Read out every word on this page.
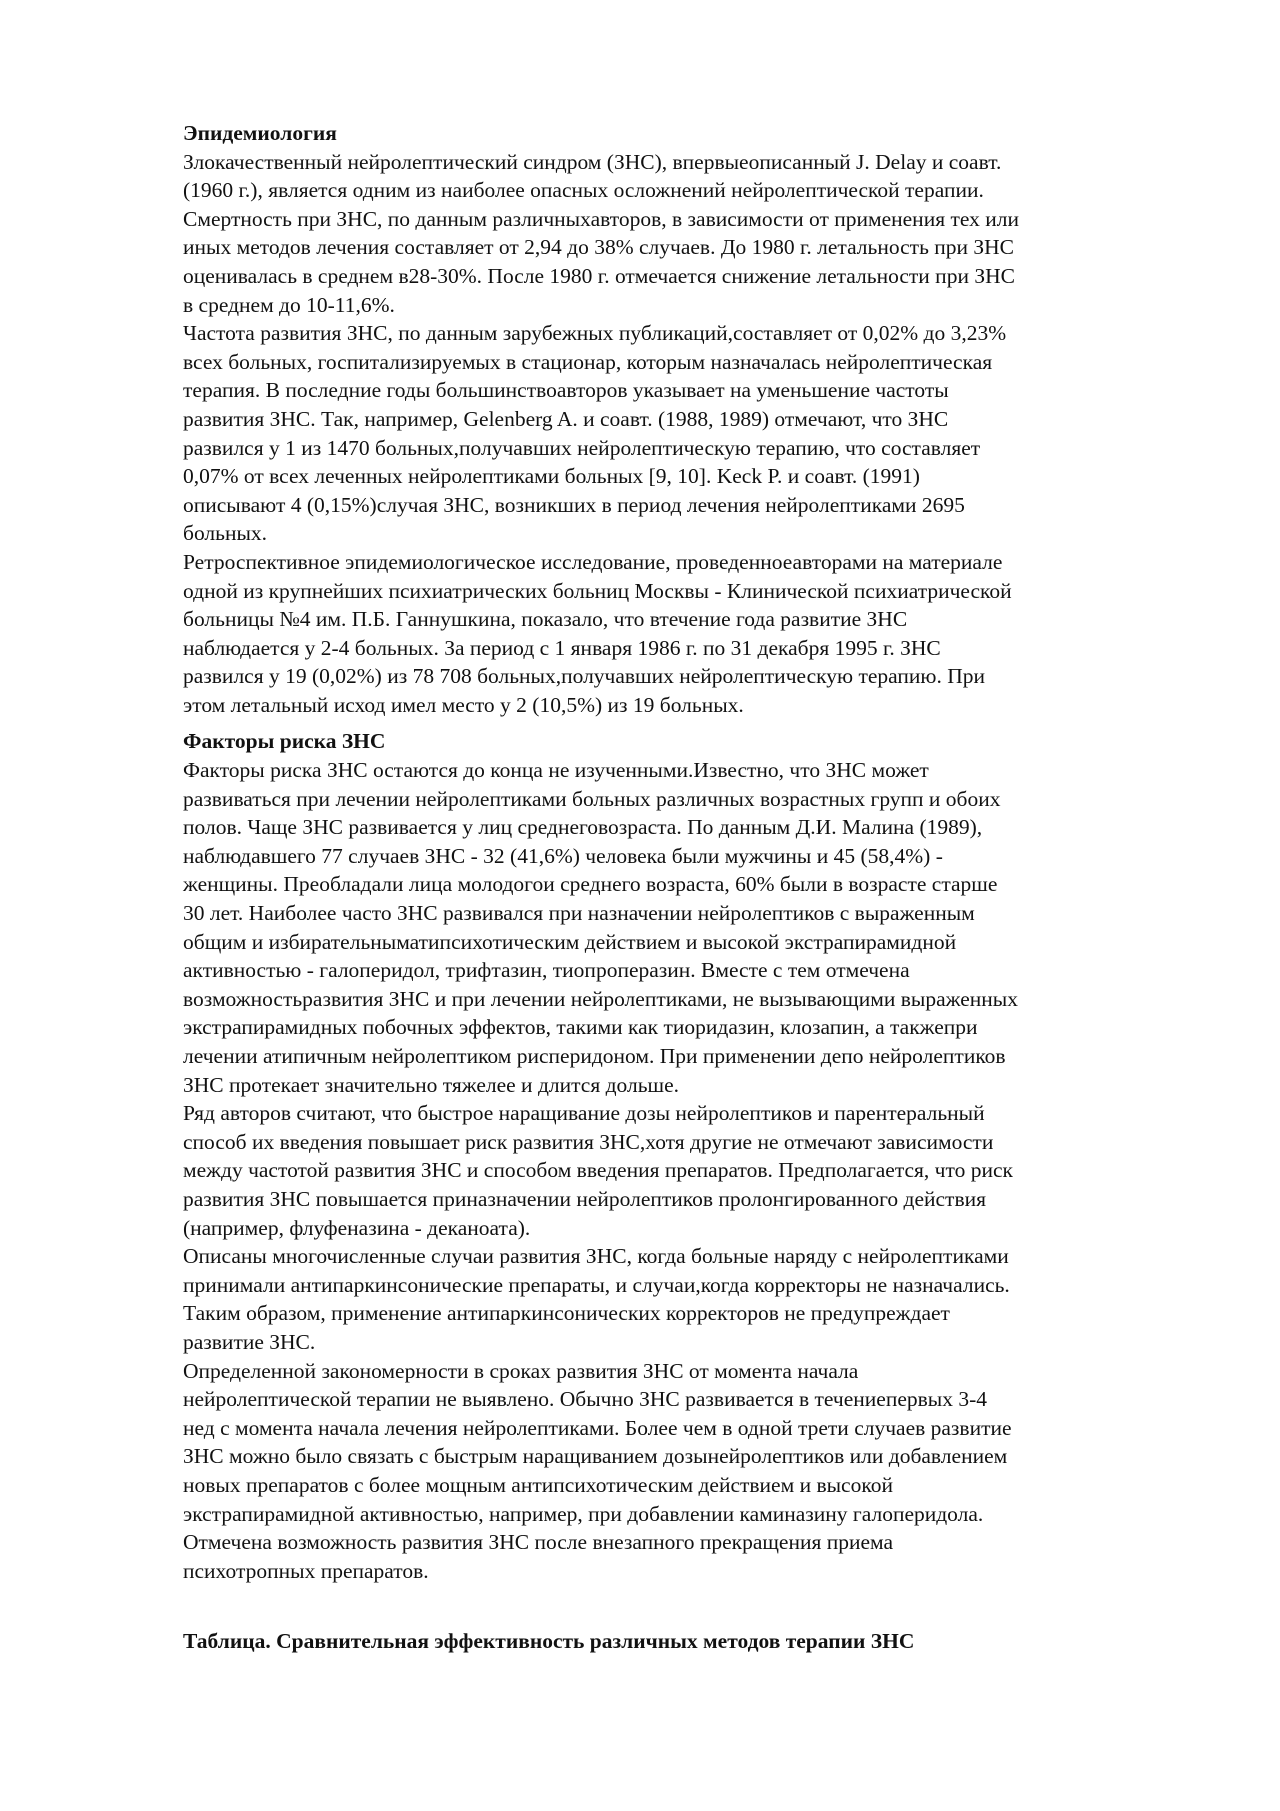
Эпидемиология

Злокачественный нейролептический синдром (ЗНС), впервыеописанный J. Delay и соавт.
(1960 г.), является одним из наиболее опасных осложнений нейролептической терапии.
Смертность при ЗНС, по данным различныхавторов, в зависимости от применения тех или
иных методов лечения составляет от 2,94 до 38% случаев. До 1980 г. летальность при ЗНС
оценивалась в среднем в28-30%. После 1980 г. отмечается снижение летальности при ЗНС
в среднем до 10-11,6%.

Частота развития ЗНС, по данным зарубежных публикаций,составляет от 0,02% до 3,23%
всех больных, госпитализируемых в стационар, которым назначалась нейролептическая
терапия. В последние годы большинствоавторов указывает на уменьшение частоты
развития ЗНС. Так, например, Gelenberg A. и соавт. (1988, 1989) отмечают, что ЗНС
развился у 1 из 1470 больных,получавших нейролептическую терапию, что составляет
0,07% от всех леченных нейролептиками больных [9, 10]. Keck P. и соавт. (1991)
описывают 4 (0,15%)случая ЗНС, возникших в период лечения нейролептиками 2695
больных.

Ретроспективное эпидемиологическое исследование, проведенноеавторами на материале
одной из крупнейших психиатрических больниц Москвы - Клинической психиатрической
больницы №4 им. П.Б. Ганнушкина, показало, что втечение года развитие ЗНС
наблюдается у 2-4 больных. За период с 1 января 1986 г. по 31 декабря 1995 г. ЗНС
развился у 19 (0,02%) из 78 708 больных,получавших нейролептическую терапию. При
этом летальный исход имел место у 2 (10,5%) из 19 больных.

Факторы риска ЗНС

Факторы риска ЗНС остаются до конца не изученными.Известно, что ЗНС может
развиваться при лечении нейролептиками больных различных возрастных групп и обоих
полов. Чаще ЗНС развивается у лиц среднеговозраста. По данным Д.И. Малина (1989),
наблюдавшего 77 случаев ЗНС - 32 (41,6%) человека были мужчины и 45 (58,4%) -
женщины. Преобладали лица молодогои среднего возраста, 60% были в возрасте старше
30 лет. Наиболее часто ЗНС развивался при назначении нейролептиков с выраженным
общим и избирательныматипсихотическим действием и высокой экстрапирамидной
активностью - галоперидол, трифтазин, тиопроперазин. Вместе с тем отмечена
возможностьразвития ЗНС и при лечении нейролептиками, не вызывающими выраженных
экстрапирамидных побочных эффектов, такими как тиоридазин, клозапин, а такжепри
лечении атипичным нейролептиком рисперидоном. При применении депо нейролептиков
ЗНС протекает значительно тяжелее и длится дольше.

Ряд авторов считают, что быстрое наращивание дозы нейролептиков и парентеральный
способ их введения повышает риск развития ЗНС,хотя другие не отмечают зависимости
между частотой развития ЗНС и способом введения препаратов. Предполагается, что риск
развития ЗНС повышается приназначении нейролептиков пролонгированного действия
(например, флуфеназина - деканоата).

Описаны многочисленные случаи развития ЗНС, когда больные наряду с нейролептиками
принимали антипаркинсонические препараты, и случаи,когда корректоры не назначались.
Таким образом, применение антипаркинсонических корректоров не предупреждает
развитие ЗНС.

Определенной закономерности в сроках развития ЗНС от момента начала
нейролептической терапии не выявлено. Обычно ЗНС развивается в течениепервых 3-4
нед с момента начала лечения нейролептиками. Более чем в одной трети случаев развитие
ЗНС можно было связать с быстрым наращиванием дозынейролептиков или добавлением
новых препаратов с более мощным антипсихотическим действием и высокой
экстрапирамидной активностью, например, при добавлении каминазину галоперидола.
Отмечена возможность развития ЗНС после внезапного прекращения приема
психотропных препаратов.

Таблица. Сравнительная эффективность различных методов терапии ЗНС
